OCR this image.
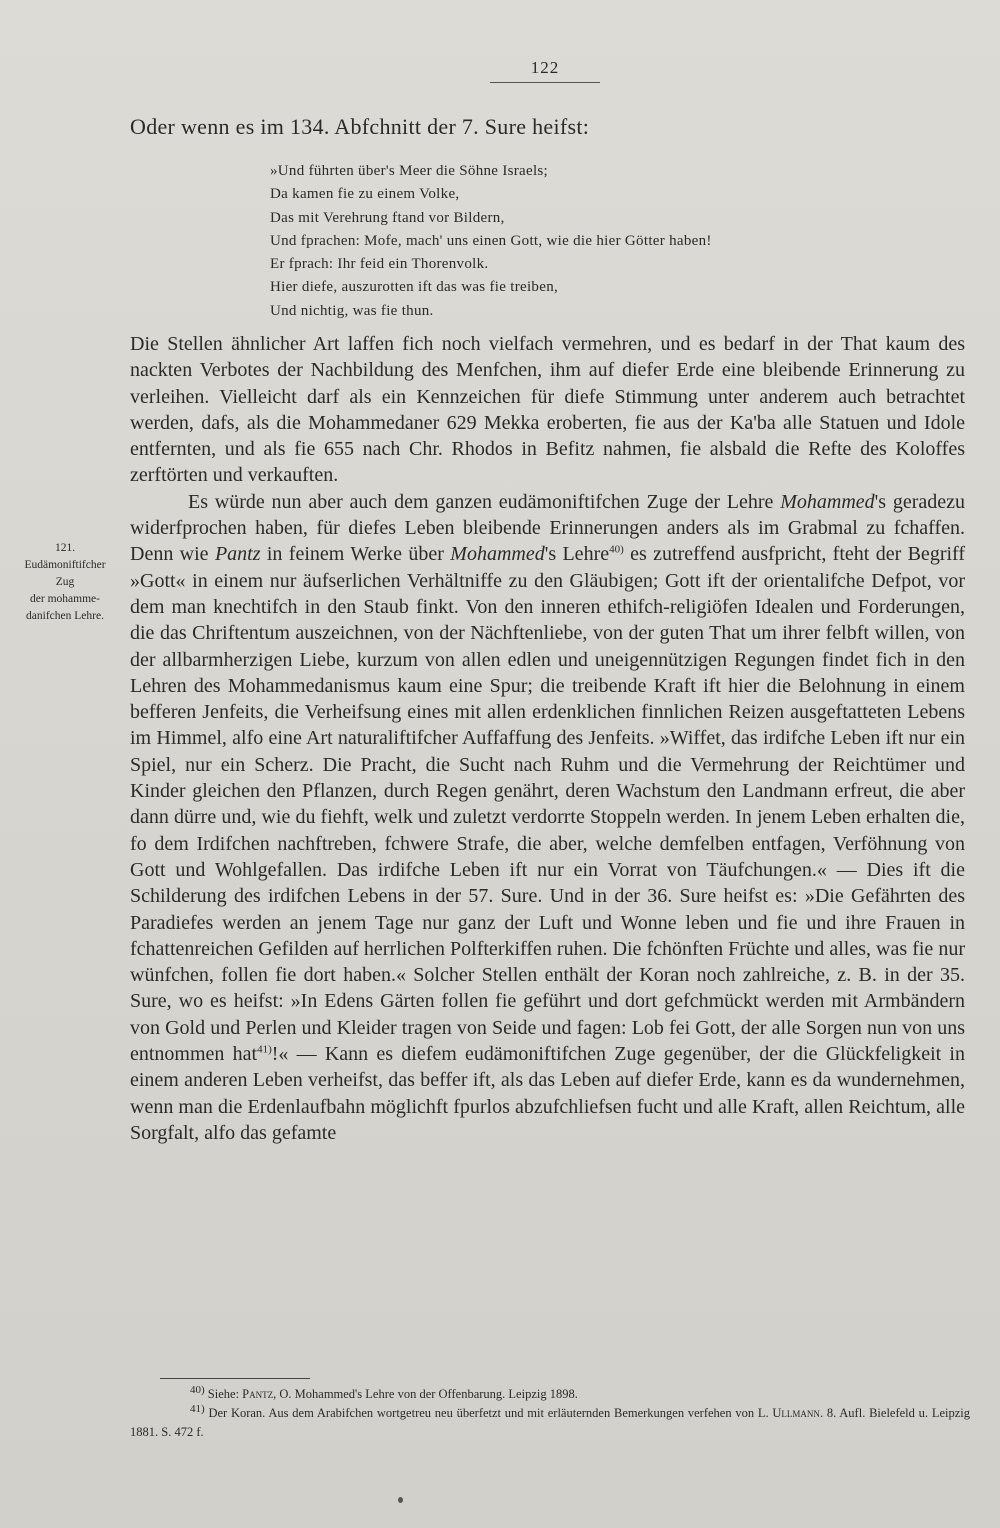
122
Oder wenn es im 134. Abfchnitt der 7. Sure heifst:
»Und führten über's Meer die Söhne Israels;
Da kamen fie zu einem Volke,
Das mit Verehrung ftand vor Bildern,
Und fprachen: Mofe, mach' uns einen Gott, wie die hier Götter haben!
Er fprach: Ihr feid ein Thorenvolk.
Hier diefe, auszurotten ift das was fie treiben,
Und nichtig, was fie thun.

Die Stellen ähnlicher Art laffen fich noch vielfach vermehren, und es bedarf in der That kaum des nackten Verbotes der Nachbildung des Menfchen, ihm auf diefer Erde eine bleibende Erinnerung zu verleihen. Vielleicht darf als ein Kennzeichen für diefe Stimmung unter anderem auch betrachtet werden, dafs, als die Mohammedaner 629 Mekka eroberten, fie aus der Ka'ba alle Statuen und Idole entfernten, und als fie 655 nach Chr. Rhodos in Befitz nahmen, fie alsbald die Refte des Koloffes zerftörten und verkauften.

Es würde nun aber auch dem ganzen eudämoniftifchen Zuge der Lehre Mohammed's geradezu widerfprochen haben, für diefes Leben bleibende Erinnerungen anders als im Grabmal zu fchaffen. Denn wie Pantz in feinem Werke über Mohammed's Lehre$^{40)}$ es zutreffend ausfpricht, fteht der Begriff »Gott« in einem nur äufserlichen Verhältniffe zu den Gläubigen; Gott ift der orientalifche Defpot, vor dem man knechtifch in den Staub finkt. Von den inneren ethifch-religiöfen Idealen und Forderungen, die das Chriftentum auszeichnen, von der Nächftenliebe, von der guten That um ihrer felbft willen, von der allbarmherzigen Liebe, kurzum von allen edlen und uneigennützigen Regungen findet fich in den Lehren des Mohammedanismus kaum eine Spur; die treibende Kraft ift hier die Belohnung in einem befferen Jenfeits, die Verheifsung eines mit allen erdenklichen finnlichen Reizen ausgeftatteten Lebens im Himmel, alfo eine Art naturaliftifcher Auffaffung des Jenfeits. »Wiffet, das irdifche Leben ift nur ein Spiel, nur ein Scherz. Die Pracht, die Sucht nach Ruhm und die Vermehrung der Reichtümer und Kinder gleichen den Pflanzen, durch Regen genährt, deren Wachstum den Landmann erfreut, die aber dann dürre und, wie du fiehft, welk und zuletzt verdorrte Stoppeln werden. In jenem Leben erhalten die, fo dem Irdifchen nachftreben, fchwere Strafe, die aber, welche demfelben entfagen, Verföhnung von Gott und Wohlgefallen. Das irdifche Leben ift nur ein Vorrat von Täufchungen.« — Dies ift die Schilderung des irdifchen Lebens in der 57. Sure. Und in der 36. Sure heifst es: »Die Gefährten des Paradiefes werden an jenem Tage nur ganz der Luft und Wonne leben und fie und ihre Frauen in fchattenreichen Gefilden auf herrlichen Polfterkiffen ruhen. Die fchönften Früchte und alles, was fie nur wünfchen, follen fie dort haben.« Solcher Stellen enthält der Koran noch zahlreiche, z. B. in der 35. Sure, wo es heifst: »In Edens Gärten follen fie geführt und dort gefchmückt werden mit Armbändern von Gold und Perlen und Kleider tragen von Seide und fagen: Lob fei Gott, der alle Sorgen nun von uns entnommen hat$^{41)}$!« — Kann es diefem eudämoniftifchen Zuge gegenüber, der die Glückfeligkeit in einem anderen Leben verheifst, das beffer ift, als das Leben auf diefer Erde, kann es da wundernehmen, wenn man die Erdenlaufbahn möglichft fpurlos abzufchliefsen fucht und alle Kraft, allen Reichtum, alle Sorgfalt, alfo das gefamte

121.
Eudämoniftifcher
Zug
der mohamme-
danifchen Lehre.
$^{40)}$ Siehe: Pantz, O. Mohammed's Lehre von der Offenbarung. Leipzig 1898.
$^{41)}$ Der Koran. Aus dem Arabifchen wortgetreu neu überfetzt und mit erläuternden Bemerkungen verfehen von L. Ullmann. 8. Aufl. Bielefeld u. Leipzig 1881. S. 472 f.
